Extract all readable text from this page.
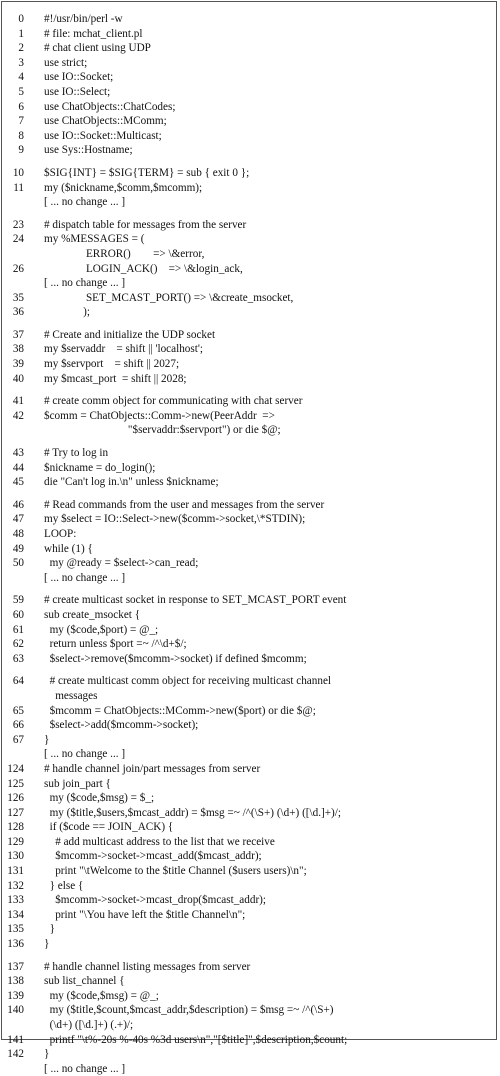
0 #!/usr/bin/perl -w
1 # file: mchat_client.pl
2 # chat client using UDP
3 use strict;
4 use IO::Socket;
5 use IO::Select;
6 use ChatObjects::ChatCodes;
7 use ChatObjects::MComm;
8 use IO::Socket::Multicast;
9 use Sys::Hostname;
10 $SIG{INT} = $SIG{TERM} = sub { exit 0 };
11 my ($nickname,$comm,$mcomm);
[ ... no change ... ]
23 # dispatch table for messages from the server
24 my %MESSAGES = (
ERROR()        => \&error,
26 LOGIN_ACK()    => \&login_ack,
[ ... no change ... ]
35 SET_MCAST_PORT() => \&create_msocket,
36 );
37 # Create and initialize the UDP socket
38 my $servaddr    = shift || 'localhost';
39 my $servport    = shift || 2027;
40 my $mcast_port  = shift || 2028;
41 # create comm object for communicating with chat server
42 $comm = ChatObjects::Comm->new(PeerAddr  =>
"$servaddr:$servport") or die $@;
43 # Try to log in
44 $nickname = do_login();
45 die "Can't log in.\n" unless $nickname;
46 # Read commands from the user and messages from the server
47 my $select = IO::Select->new($comm->socket,\*STDIN);
48 LOOP:
49 while (1) {
50 my @ready = $select->can_read;
[ ... no change ... ]
59 # create multicast socket in response to SET_MCAST_PORT event
60 sub create_msocket {
61 my ($code,$port) = @_;
62 return unless $port =~ /^\d+$/;
63 $select->remove($mcomm->socket) if defined $mcomm;
64 # create multicast comm object for receiving multicast channel
messages
65 $mcomm = ChatObjects::MComm->new($port) or die $@;
66 $select->add($mcomm->socket);
67 }
[ ... no change ... ]
124 # handle channel join/part messages from server
125 sub join_part {
126 my ($code,$msg) = $_;
127 my ($title,$users,$mcast_addr) = $msg =~ /^(\S+) (\d+) ([\d.]+)/;
128 if ($code == JOIN_ACK) {
129 # add multicast address to the list that we receive
130 $mcomm->socket->mcast_add($mcast_addr);
131 print "\tWelcome to the $title Channel ($users users)\n";
132 } else {
133 $mcomm->socket->mcast_drop($mcast_addr);
134 print "\You have left the $title Channel\n";
135 }
136 }
137 # handle channel listing messages from server
138 sub list_channel {
139 my ($code,$msg) = @_;
140 my ($title,$count,$mcast_addr,$description) = $msg =~ /^(\S+)
(\d+) ([\d.]+) (.+)/;
141 printf "\t%-20s %-40s %3d users\n","[$title]",$description,$count;
142 }
[ ... no change ... ]
